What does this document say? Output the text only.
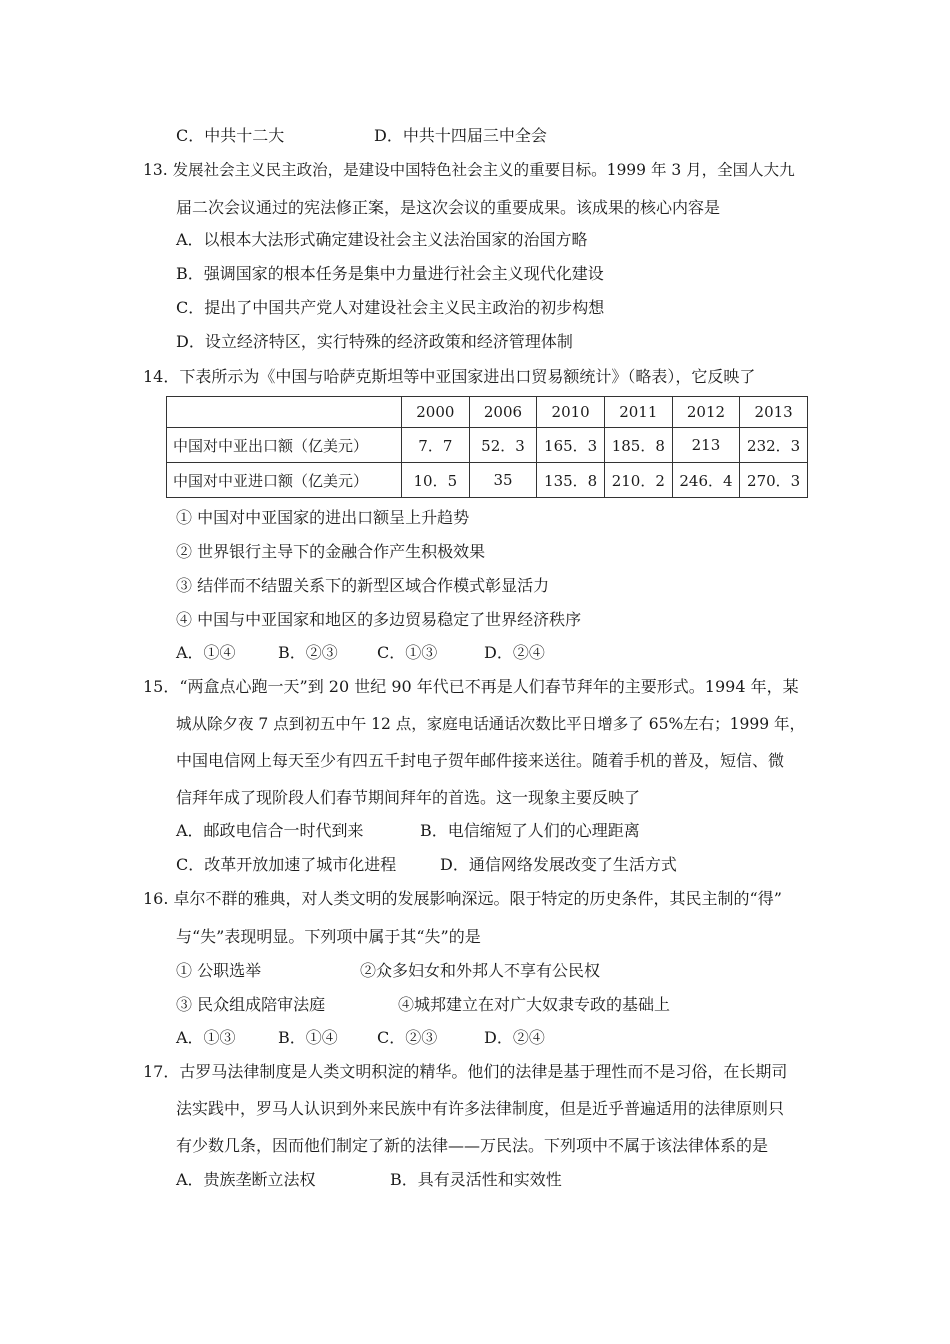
C．中共十二大	D．中共十四届三中全会
13. 发展社会主义民主政治，是建设中国特色社会主义的重要目标。1999 年 3 月，全国人大九
届二次会议通过的宪法修正案，是这次会议的重要成果。该成果的核心内容是
A．以根本大法形式确定建设社会主义法治国家的治国方略
B．强调国家的根本任务是集中力量进行社会主义现代化建设
C．提出了中国共产党人对建设社会主义民主政治的初步构想
D．设立经济特区，实行特殊的经济政策和经济管理体制
14．下表所示为《中国与哈萨克斯坦等中亚国家进出口贸易额统计》（略表），它反映了
	2000	2006	2010	2011	2012	2013
中国对中亚出口额（亿美元）	7．7	52．3	165．3	185．8	213	232．3
中国对中亚进口额（亿美元）	10．5	35	135．8	210．2	246．4	270．3
① 中国对中亚国家的进出口额呈上升趋势
② 世界银行主导下的金融合作产生积极效果
③ 结伴而不结盟关系下的新型区域合作模式彰显活力
④ 中国与中亚国家和地区的多边贸易稳定了世界经济秩序
A．①④	B．②③ C．①③	D．②④
15．“两盒点心跑一天”到 20 世纪 90 年代已不再是人们春节拜年的主要形式。1994 年，某
城从除夕夜 7 点到初五中午 12 点，家庭电话通话次数比平日增多了 65%左右；1999 年，
中国电信网上每天至少有四五千封电子贺年邮件接来送往。随着手机的普及，短信、微
信拜年成了现阶段人们春节期间拜年的首选。这一现象主要反映了
A．邮政电信合一时代到来	B．电信缩短了人们的心理距离
C．改革开放加速了城市化进程	D．通信网络发展改变了生活方式
16. 卓尔不群的雅典，对人类文明的发展影响深远。限于特定的历史条件，其民主制的“得”
与“失”表现明显。下列项中属于其“失”的是
① 公职选举	②众多妇女和外邦人不享有公民权
③ 民众组成陪审法庭	④城邦建立在对广大奴隶专政的基础上
A．①③	B．①④ C．②③	D．②④
17．古罗马法律制度是人类文明积淀的精华。他们的法律是基于理性而不是习俗，在长期司
法实践中，罗马人认识到外来民族中有许多法律制度，但是近乎普遍适用的法律原则只
有少数几条，因而他们制定了新的法律——万民法。下列项中不属于该法律体系的是
A．贵族垄断立法权	B．具有灵活性和实效性
